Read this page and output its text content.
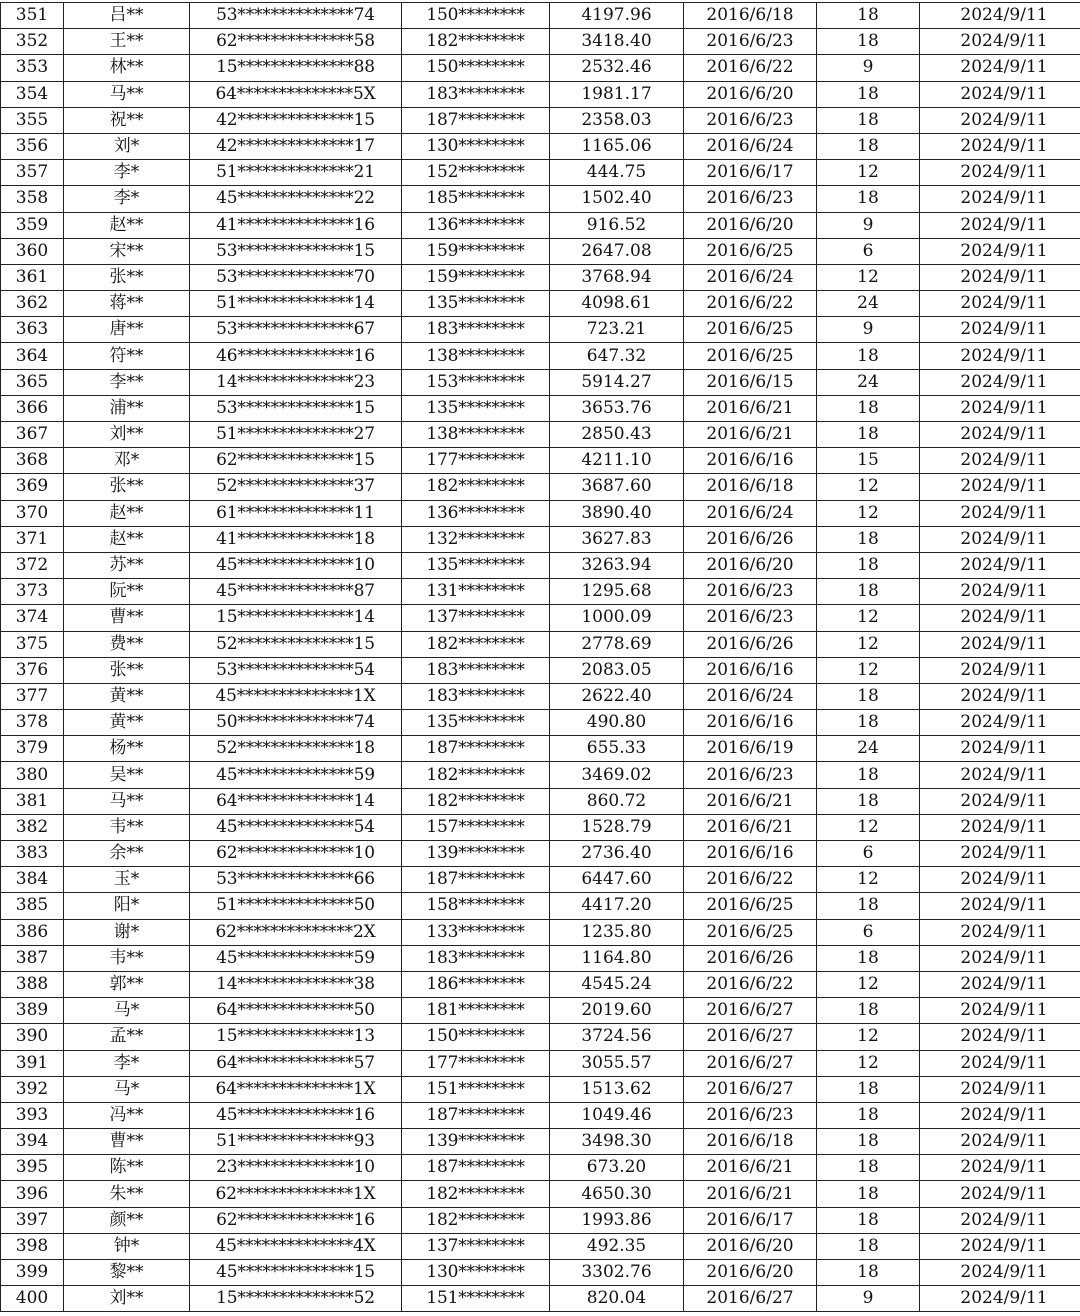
351	吕**	53**************74	150********	4197.96	2016/6/18	18	2024/9/11
352	王**	62**************58	182********	3418.40	2016/6/23	18	2024/9/11
353	林**	15**************88	150********	2532.46	2016/6/22	9	2024/9/11
354	马**	64**************5X	183********	1981.17	2016/6/20	18	2024/9/11
355	祝**	42**************15	187********	2358.03	2016/6/23	18	2024/9/11
356	刘*	42**************17	130********	1165.06	2016/6/24	18	2024/9/11
357	李*	51**************21	152********	444.75	2016/6/17	12	2024/9/11
358	李*	45**************22	185********	1502.40	2016/6/23	18	2024/9/11
359	赵**	41**************16	136********	916.52	2016/6/20	9	2024/9/11
360	宋**	53**************15	159********	2647.08	2016/6/25	6	2024/9/11
361	张**	53**************70	159********	3768.94	2016/6/24	12	2024/9/11
362	蒋**	51**************14	135********	4098.61	2016/6/22	24	2024/9/11
363	唐**	53**************67	183********	723.21	2016/6/25	9	2024/9/11
364	符**	46**************16	138********	647.32	2016/6/25	18	2024/9/11
365	李**	14**************23	153********	5914.27	2016/6/15	24	2024/9/11
366	浦**	53**************15	135********	3653.76	2016/6/21	18	2024/9/11
367	刘**	51**************27	138********	2850.43	2016/6/21	18	2024/9/11
368	邓*	62**************15	177********	4211.10	2016/6/16	15	2024/9/11
369	张**	52**************37	182********	3687.60	2016/6/18	12	2024/9/11
370	赵**	61**************11	136********	3890.40	2016/6/24	12	2024/9/11
371	赵**	41**************18	132********	3627.83	2016/6/26	18	2024/9/11
372	苏**	45**************10	135********	3263.94	2016/6/20	18	2024/9/11
373	阮**	45**************87	131********	1295.68	2016/6/23	18	2024/9/11
374	曹**	15**************14	137********	1000.09	2016/6/23	12	2024/9/11
375	费**	52**************15	182********	2778.69	2016/6/26	12	2024/9/11
376	张**	53**************54	183********	2083.05	2016/6/16	12	2024/9/11
377	黄**	45**************1X	183********	2622.40	2016/6/24	18	2024/9/11
378	黄**	50**************74	135********	490.80	2016/6/16	18	2024/9/11
379	杨**	52**************18	187********	655.33	2016/6/19	24	2024/9/11
380	吴**	45**************59	182********	3469.02	2016/6/23	18	2024/9/11
381	马**	64**************14	182********	860.72	2016/6/21	18	2024/9/11
382	韦**	45**************54	157********	1528.79	2016/6/21	12	2024/9/11
383	余**	62**************10	139********	2736.40	2016/6/16	6	2024/9/11
384	玉*	53**************66	187********	6447.60	2016/6/22	12	2024/9/11
385	阳*	51**************50	158********	4417.20	2016/6/25	18	2024/9/11
386	谢*	62**************2X	133********	1235.80	2016/6/25	6	2024/9/11
387	韦**	45**************59	183********	1164.80	2016/6/26	18	2024/9/11
388	郭**	14**************38	186********	4545.24	2016/6/22	12	2024/9/11
389	马*	64**************50	181********	2019.60	2016/6/27	18	2024/9/11
390	孟**	15**************13	150********	3724.56	2016/6/27	12	2024/9/11
391	李*	64**************57	177********	3055.57	2016/6/27	12	2024/9/11
392	马*	64**************1X	151********	1513.62	2016/6/27	18	2024/9/11
393	冯**	45**************16	187********	1049.46	2016/6/23	18	2024/9/11
394	曹**	51**************93	139********	3498.30	2016/6/18	18	2024/9/11
395	陈**	23**************10	187********	673.20	2016/6/21	18	2024/9/11
396	朱**	62**************1X	182********	4650.30	2016/6/21	18	2024/9/11
397	颜**	62**************16	182********	1993.86	2016/6/17	18	2024/9/11
398	钟*	45**************4X	137********	492.35	2016/6/20	18	2024/9/11
399	黎**	45**************15	130********	3302.76	2016/6/20	18	2024/9/11
400	刘**	15**************52	151********	820.04	2016/6/27	9	2024/9/11
